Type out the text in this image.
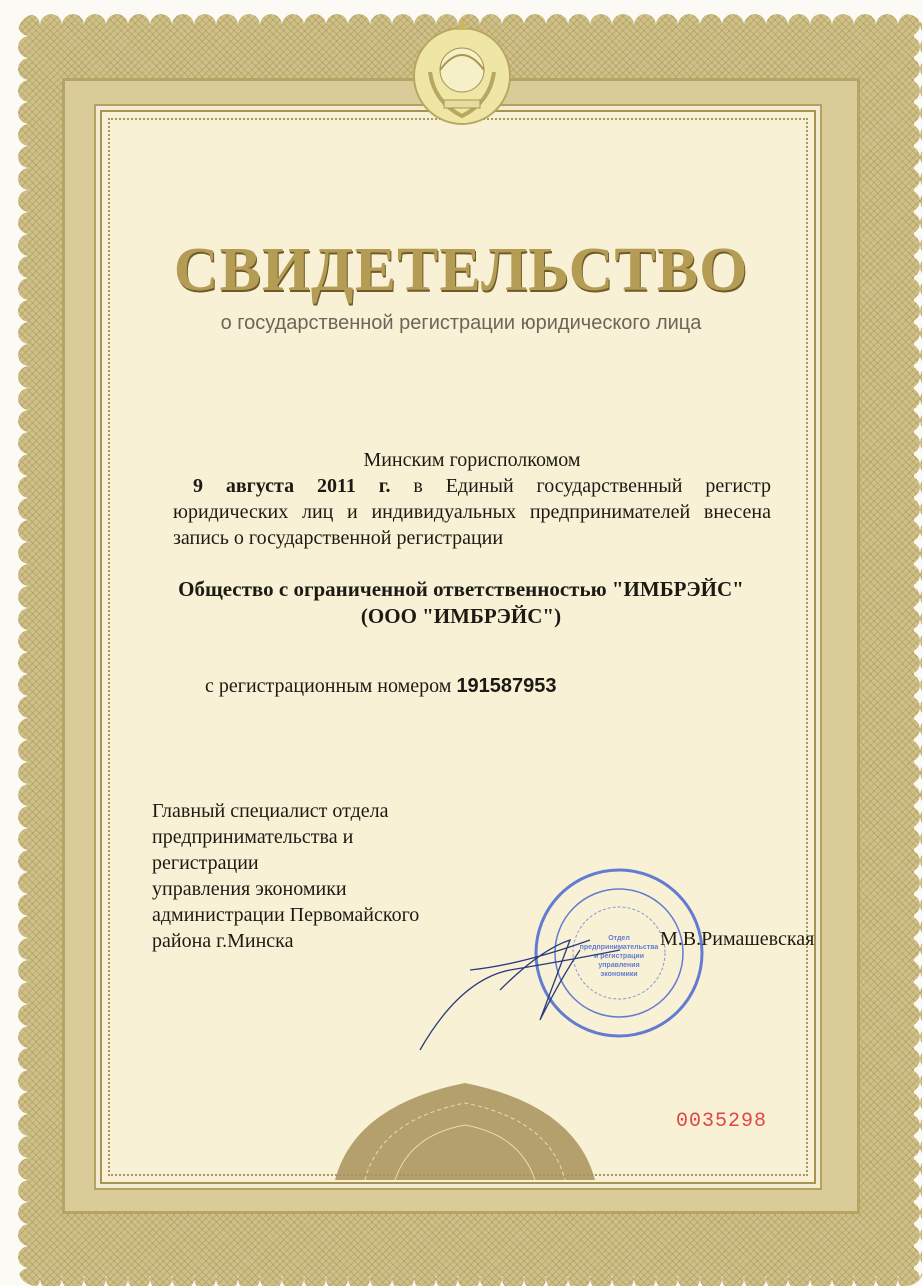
СВИДЕТЕЛЬСТВО
о государственной регистрации юридического лица
Минским горисполкомом
9 августа 2011 г. в Единый государственный регистр
юридических лиц и индивидуальных предпринимателей внесена
запись о государственной регистрации
Общество с ограниченной ответственностью "ИМБРЭЙС"
(ООО "ИМБРЭЙС")
с регистрационным номером 191587953
Главный специалист отдела
предпринимательства и
регистрации
управления экономики
администрации Первомайского
района г.Минска	Отдел
предпринимательства
и регистрации
управления
экономики
М.В.Римашевская
0035298
